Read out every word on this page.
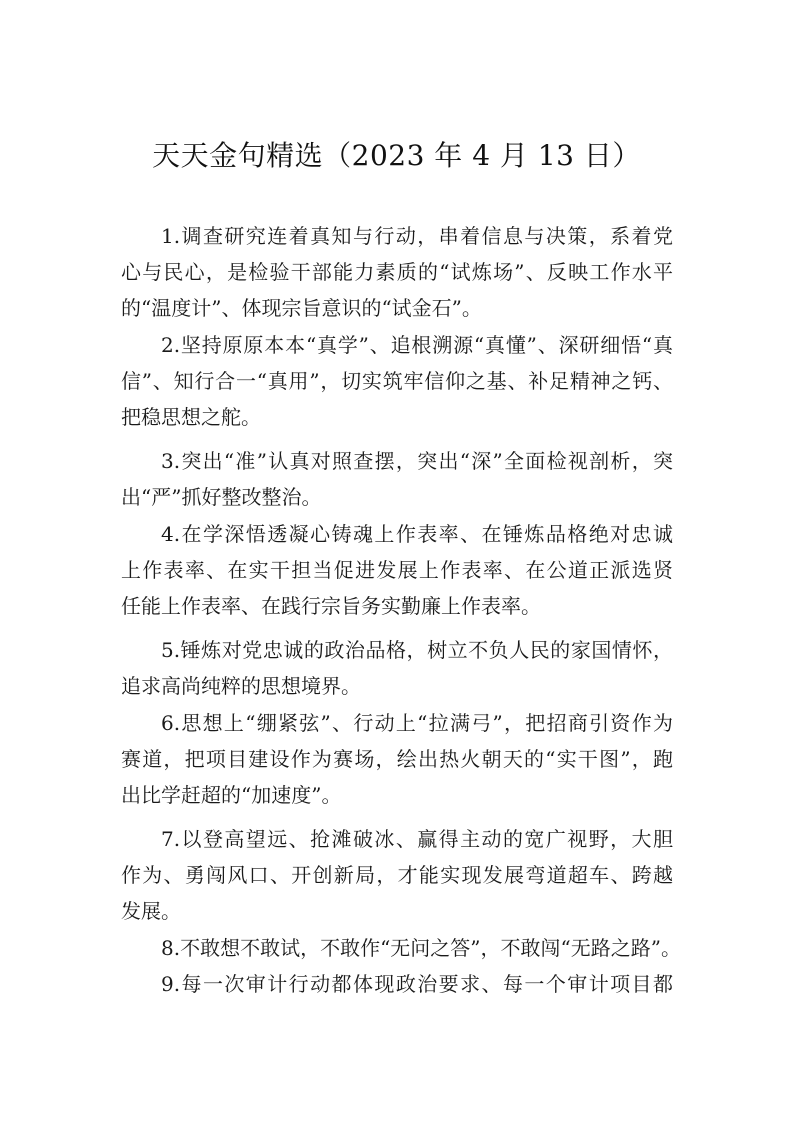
天天金句精选（2023 年 4 月 13 日）
1.调查研究连着真知与行动，串着信息与决策，系着党
心与民心，是检验干部能力素质的“试炼场”、反映工作水平
的“温度计”、体现宗旨意识的“试金石”。
2.坚持原原本本“真学”、追根溯源“真懂”、深研细悟“真
信”、知行合一“真用”，切实筑牢信仰之基、补足精神之钙、
把稳思想之舵。
3.突出“准”认真对照查摆，突出“深”全面检视剖析，突
出“严”抓好整改整治。
4.在学深悟透凝心铸魂上作表率、在锤炼品格绝对忠诚
上作表率、在实干担当促进发展上作表率、在公道正派选贤
任能上作表率、在践行宗旨务实勤廉上作表率。
5.锤炼对党忠诚的政治品格，树立不负人民的家国情怀，
追求高尚纯粹的思想境界。
6.思想上“绷紧弦”、行动上“拉满弓”，把招商引资作为
赛道，把项目建设作为赛场，绘出热火朝天的“实干图”，跑
出比学赶超的“加速度”。
7.以登高望远、抢滩破冰、赢得主动的宽广视野，大胆
作为、勇闯风口、开创新局，才能实现发展弯道超车、跨越
发展。
8.不敢想不敢试，不敢作“无问之答”，不敢闯“无路之路”。
9.每一次审计行动都体现政治要求、每一个审计项目都
